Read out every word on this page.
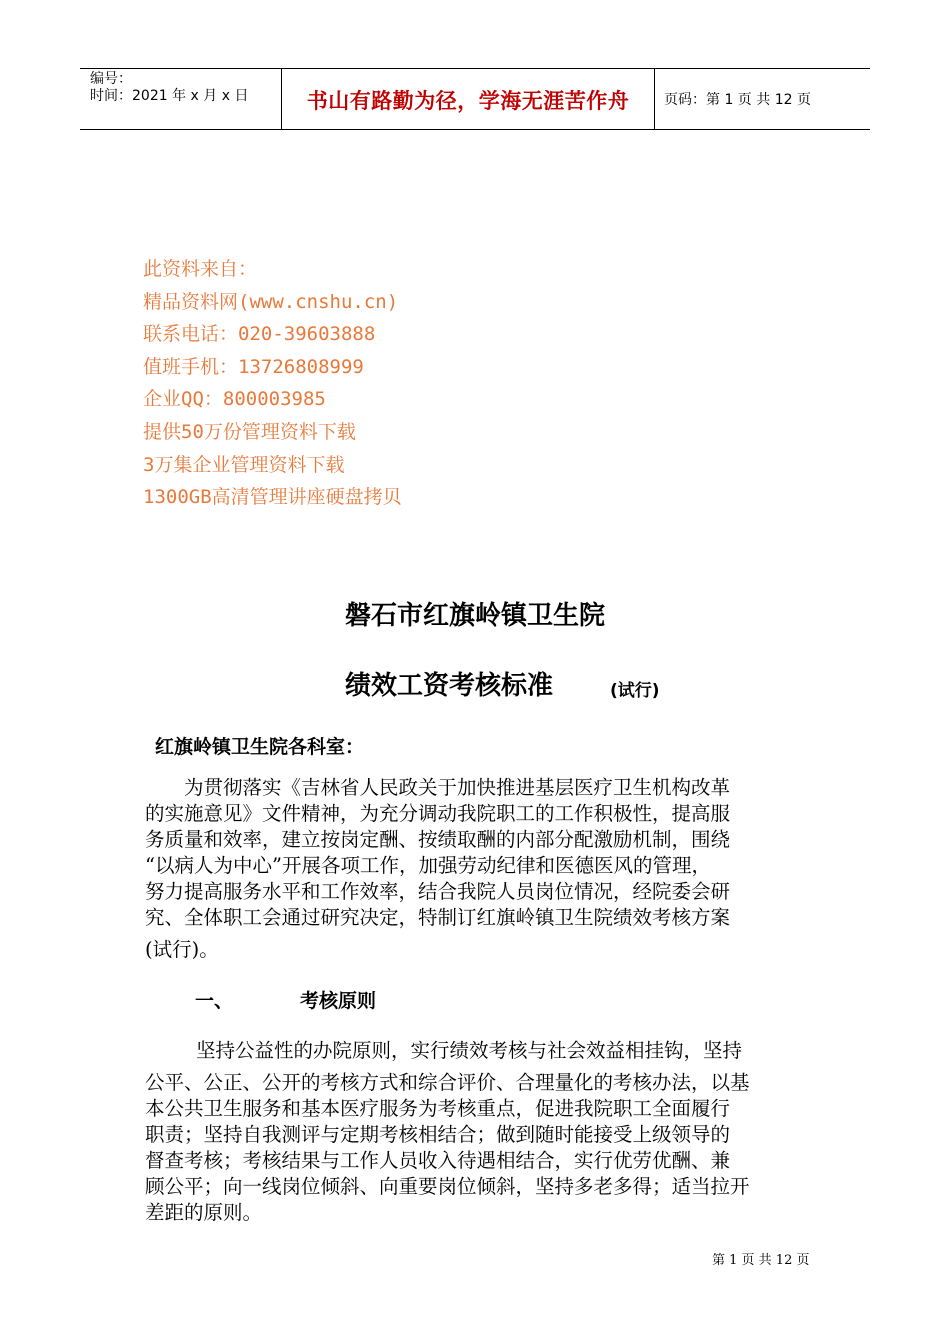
编号：
时间：2021 年 x 月 x 日	书山有路勤为径，学海无涯苦作舟	页码：第 1 页 共 12 页
此资料来自：
精品资料网(www.cnshu.cn)
联系电话：020-39603888
值班手机：13726808999
企业QQ：800003985
提供50万份管理资料下载
3万集企业管理资料下载
1300GB高清管理讲座硬盘拷贝
磐石市红旗岭镇卫生院
绩效工资考核标准	(试行)
红旗岭镇卫生院各科室：
　　为贯彻落实《吉林省人民政关于加快推进基层医疗卫生机构改革
的实施意见》文件精神，为充分调动我院职工的工作积极性，提高服
务质量和效率，建立按岗定酬、按绩取酬的内部分配激励机制，围绕
“以病人为中心”开展各项工作，加强劳动纪律和医德医风的管理，
努力提高服务水平和工作效率，结合我院人员岗位情况，经院委会研
究、全体职工会通过研究决定，特制订红旗岭镇卫生院绩效考核方案
(试行)。
一、	考核原则
坚持公益性的办院原则，实行绩效考核与社会效益相挂钩，坚持
公平、公正、公开的考核方式和综合评价、合理量化的考核办法，以基
本公共卫生服务和基本医疗服务为考核重点，促进我院职工全面履行
职责；坚持自我测评与定期考核相结合；做到随时能接受上级领导的
督查考核；考核结果与工作人员收入待遇相结合，实行优劳优酬、兼
顾公平；向一线岗位倾斜、向重要岗位倾斜，坚持多老多得；适当拉开
差距的原则。
第 1 页 共 12 页
